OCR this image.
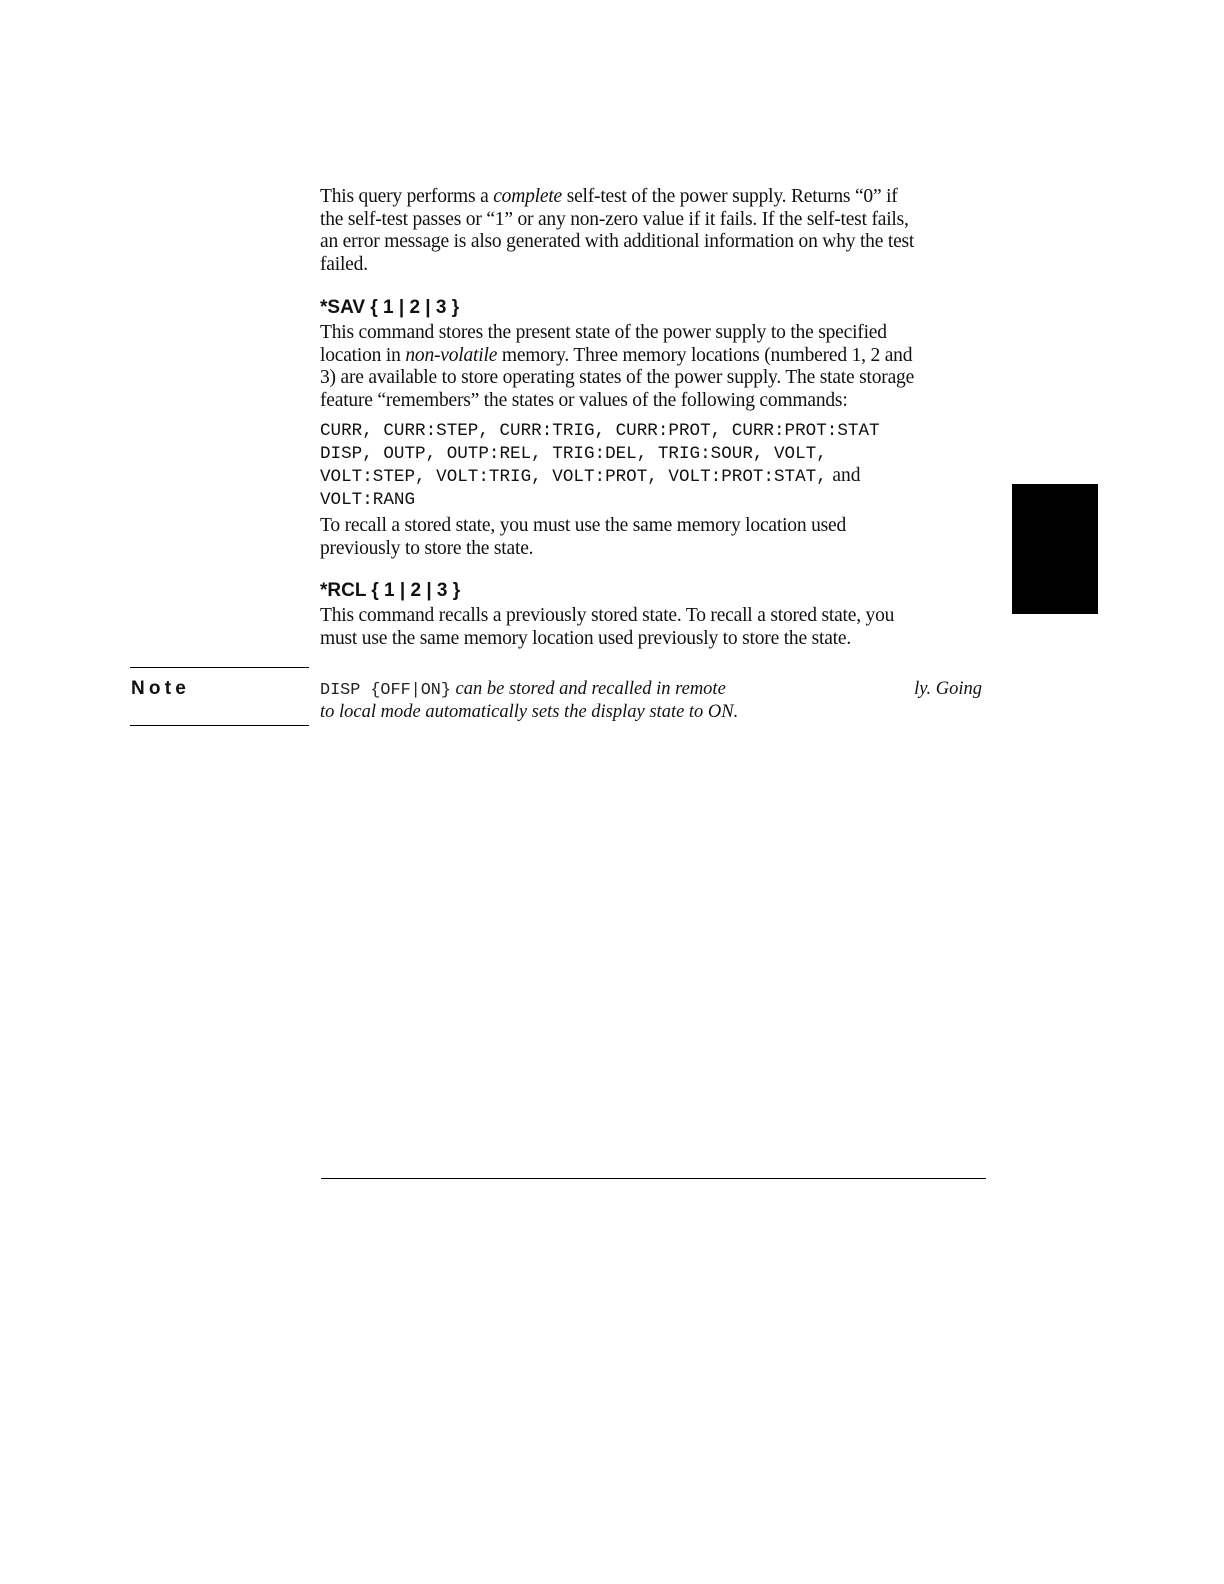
This query performs a complete self-test of the power supply. Returns “0” if

the self-test passes or “1” or any non-zero value if it fails. If the self-test fails,

an error message is also generated with additional information on why the test

failed.

*SAV { 1 | 2 | 3 }

This command stores the present state of the power supply to the specified

location in non-volatile memory. Three memory locations (numbered 1, 2 and

3) are available to store operating states of the power supply. The state storage

feature “remembers” the states or values of the following commands:

CURR, CURR:STEP, CURR:TRIG, CURR:PROT, CURR:PROT:STAT

DISP, OUTP, OUTP:REL, TRIG:DEL, TRIG:SOUR, VOLT,

VOLT:STEP, VOLT:TRIG, VOLT:PROT, VOLT:PROT:STAT, and

VOLT:RANG

To recall a stored state, you must use the same memory location used

previously to store the state.

*RCL { 1 | 2 | 3 }

This command recalls a previously stored state. To recall a stored state, you

must use the same memory location used previously to store the state.

Note	DISP {OFF|ON} can be stored and recalled in remote	ly. Going
to local mode automatically sets the display state to ON.
